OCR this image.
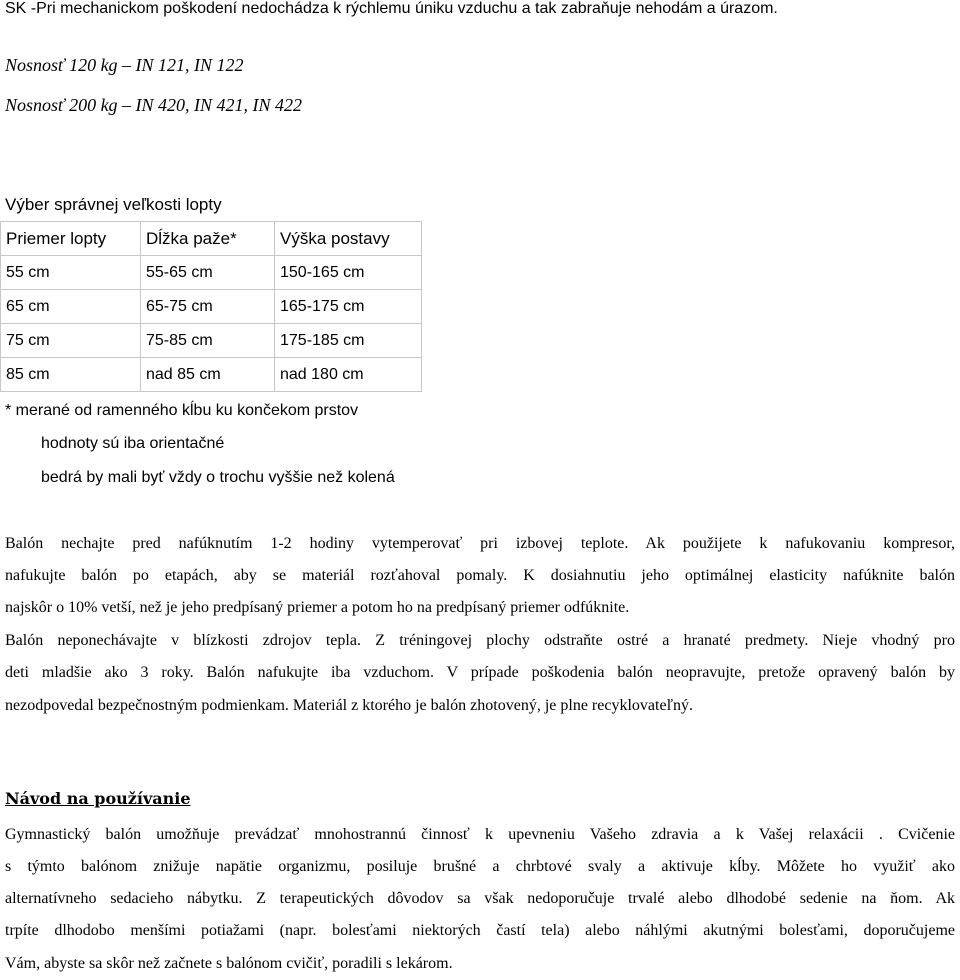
SK -Pri mechanickom poškodení nedochádza k rýchlemu úniku vzduchu a tak zabraňuje nehodám a úrazom.
Nosnosť 120 kg – IN 121, IN 122
Nosnosť 200 kg – IN 420, IN 421, IN 422
Výber správnej veľkosti lopty
Priemer lopty	Dĺžka paže*	Výška postavy
55 cm	55-65 cm	150-165 cm
65 cm	65-75 cm	165-175 cm
75 cm	75-85 cm	175-185 cm
85 cm	nad 85 cm	nad 180 cm
* merané od ramenného kĺbu ku končekom prstov
hodnoty sú iba orientačné
bedrá by mali byť vždy o trochu vyššie než kolená
Balón nechajte pred nafúknutím 1-2 hodiny vytemperovať pri izbovej teplote. Ak použijete k nafukovaniu kompresor,
nafukujte balón po etapách, aby se materiál rozťahoval pomaly. K dosiahnutiu jeho optimálnej elasticity nafúknite balón
najskôr o 10% vetší, než je jeho predpísaný priemer a potom ho na predpísaný priemer odfúknite.
Balón neponechávajte v blízkosti zdrojov tepla. Z tréningovej plochy odstraňte ostré a hranaté predmety. Nieje vhodný pro
deti mladšie ako 3 roky. Balón nafukujte iba vzduchom. V prípade poškodenia balón neopravujte, pretože opravený balón by
nezodpovedal bezpečnostným podmienkam. Materiál z ktorého je balón zhotovený, je plne recyklovateľný.
Návod na používanie
Gymnastický balón umožňuje prevádzať mnohostrannú činnosť k upevneniu Vašeho zdravia a k Vašej relaxácii . Cvičenie
s týmto balónom znižuje napätie organizmu, posiluje brušné a chrbtové svaly a aktivuje kĺby. Môžete ho využiť ako
alternatívneho sedacieho nábytku. Z terapeutických dôvodov sa však nedoporučuje trvalé alebo dlhodobé sedenie na ňom. Ak
trpíte dlhodobo menšími potiažami (napr. bolesťami niektorých častí tela) alebo náhlými akutnými bolesťami, doporučujeme
Vám, abyste sa skôr než začnete s balónom cvičiť, poradili s lekárom.
